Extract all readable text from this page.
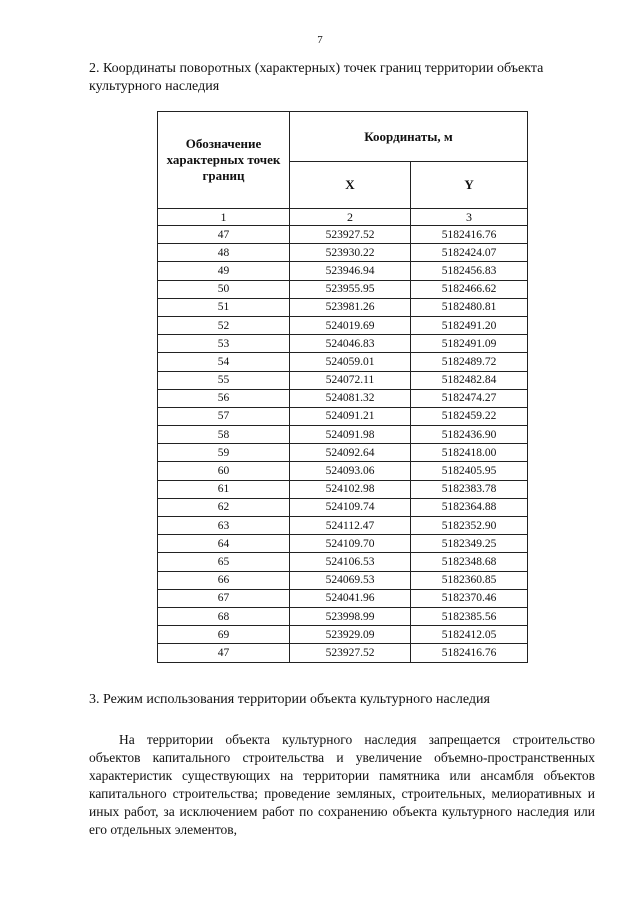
7
2. Координаты поворотных (характерных) точек границ территории объекта культурного наследия
Обозначение характерных точек границ	Координаты, м	
	X	Y
1	2	3
47	523927.52	5182416.76
48	523930.22	5182424.07
49	523946.94	5182456.83
50	523955.95	5182466.62
51	523981.26	5182480.81
52	524019.69	5182491.20
53	524046.83	5182491.09
54	524059.01	5182489.72
55	524072.11	5182482.84
56	524081.32	5182474.27
57	524091.21	5182459.22
58	524091.98	5182436.90
59	524092.64	5182418.00
60	524093.06	5182405.95
61	524102.98	5182383.78
62	524109.74	5182364.88
63	524112.47	5182352.90
64	524109.70	5182349.25
65	524106.53	5182348.68
66	524069.53	5182360.85
67	524041.96	5182370.46
68	523998.99	5182385.56
69	523929.09	5182412.05
47	523927.52	5182416.76
3. Режим использования территории объекта культурного наследия

На территории объекта культурного наследия запрещается строительство объектов капитального строительства и увеличение объемно-пространственных характеристик существующих на территории памятника или ансамбля объектов капитального строительства; проведение земляных, строительных, мелиоративных и иных работ, за исключением работ по сохранению объекта культурного наследия или его отдельных элементов,
